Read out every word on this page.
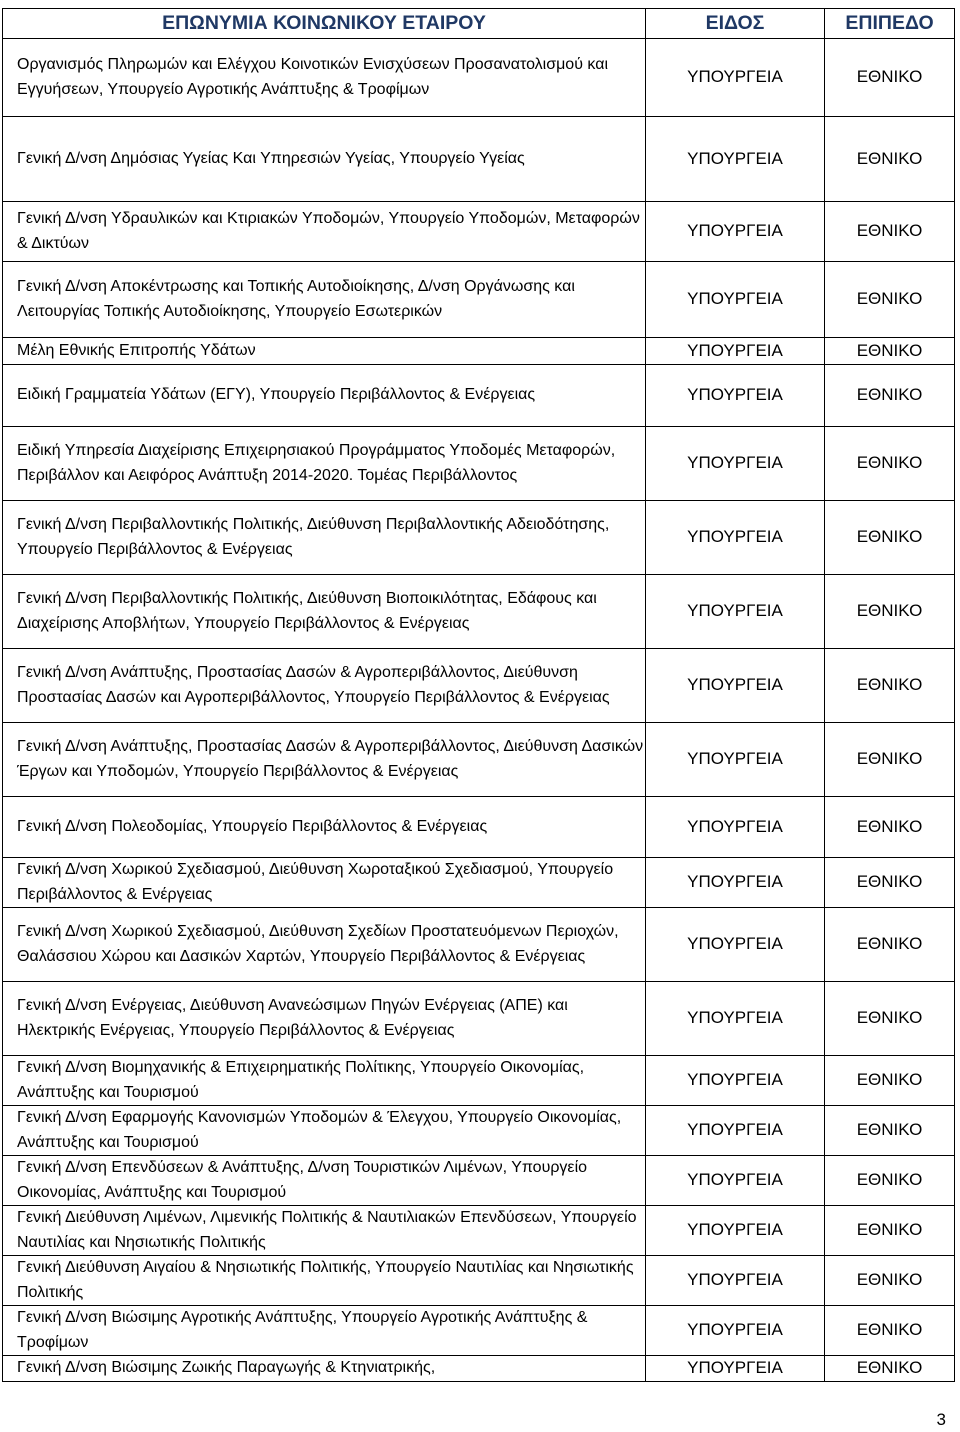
ΕΠΩΝΥΜΙΑ ΚΟΙΝΩΝΙΚΟΥ ΕΤΑΙΡΟΥ	ΕΙΔΟΣ	ΕΠΙΠΕΔΟ
Οργανισμός Πληρωμών και Ελέγχου Κοινοτικών Ενισχύσεων Προσανατολισμού και Εγγυήσεων, Υπουργείο Αγροτικής Ανάπτυξης & Τροφίμων	ΥΠΟΥΡΓΕΙΑ	ΕΘΝΙΚΟ
Γενική Δ/νση Δημόσιας Υγείας Και Υπηρεσιών Υγείας, Υπουργείο Υγείας	ΥΠΟΥΡΓΕΙΑ	ΕΘΝΙΚΟ
Γενική Δ/νση Υδραυλικών και Κτιριακών Υποδομών, Υπουργείο Υποδομών, Μεταφορών & Δικτύων	ΥΠΟΥΡΓΕΙΑ	ΕΘΝΙΚΟ
Γενική Δ/νση Αποκέντρωσης και Τοπικής Αυτοδιοίκησης, Δ/νση Οργάνωσης και Λειτουργίας Τοπικής Αυτοδιοίκησης, Υπουργείο Εσωτερικών	ΥΠΟΥΡΓΕΙΑ	ΕΘΝΙΚΟ
Μέλη Εθνικής Επιτροπής Υδάτων	ΥΠΟΥΡΓΕΙΑ	ΕΘΝΙΚΟ
Ειδική Γραμματεία Υδάτων (ΕΓΥ), Υπουργείο Περιβάλλοντος & Ενέργειας	ΥΠΟΥΡΓΕΙΑ	ΕΘΝΙΚΟ
Ειδική Υπηρεσία Διαχείρισης Επιχειρησιακού Προγράμματος Υποδομές Μεταφορών, Περιβάλλον και Αειφόρος Ανάπτυξη 2014-2020. Τομέας Περιβάλλοντος	ΥΠΟΥΡΓΕΙΑ	ΕΘΝΙΚΟ
Γενική Δ/νση Περιβαλλοντικής Πολιτικής, Διεύθυνση Περιβαλλοντικής Αδειοδότησης, Υπουργείο Περιβάλλοντος & Ενέργειας	ΥΠΟΥΡΓΕΙΑ	ΕΘΝΙΚΟ
Γενική Δ/νση Περιβαλλοντικής Πολιτικής, Διεύθυνση Βιοποικιλότητας, Εδάφους και Διαχείρισης Αποβλήτων, Υπουργείο Περιβάλλοντος & Ενέργειας	ΥΠΟΥΡΓΕΙΑ	ΕΘΝΙΚΟ
Γενική Δ/νση Ανάπτυξης, Προστασίας Δασών & Αγροπεριβάλλοντος, Διεύθυνση Προστασίας Δασών και Αγροπεριβάλλοντος, Υπουργείο Περιβάλλοντος & Ενέργειας	ΥΠΟΥΡΓΕΙΑ	ΕΘΝΙΚΟ
Γενική Δ/νση Ανάπτυξης, Προστασίας Δασών & Αγροπεριβάλλοντος, Διεύθυνση Δασικών Έργων και Υποδομών, Υπουργείο Περιβάλλοντος & Ενέργειας	ΥΠΟΥΡΓΕΙΑ	ΕΘΝΙΚΟ
Γενική Δ/νση Πολεοδομίας, Υπουργείο Περιβάλλοντος & Ενέργειας	ΥΠΟΥΡΓΕΙΑ	ΕΘΝΙΚΟ
Γενική Δ/νση Χωρικού Σχεδιασμού, Διεύθυνση Χωροταξικού Σχεδιασμού, Υπουργείο Περιβάλλοντος & Ενέργειας	ΥΠΟΥΡΓΕΙΑ	ΕΘΝΙΚΟ
Γενική Δ/νση Χωρικού Σχεδιασμού, Διεύθυνση Σχεδίων Προστατευόμενων Περιοχών, Θαλάσσιου Χώρου και Δασικών Χαρτών, Υπουργείο Περιβάλλοντος & Ενέργειας	ΥΠΟΥΡΓΕΙΑ	ΕΘΝΙΚΟ
Γενική Δ/νση Ενέργειας, Διεύθυνση Ανανεώσιμων Πηγών Ενέργειας (ΑΠΕ) και Ηλεκτρικής Ενέργειας, Υπουργείο Περιβάλλοντος & Ενέργειας	ΥΠΟΥΡΓΕΙΑ	ΕΘΝΙΚΟ
Γενική Δ/νση Βιομηχανικής & Επιχειρηματικής Πολίτικης, Υπουργείο Οικονομίας, Ανάπτυξης και Τουρισμού	ΥΠΟΥΡΓΕΙΑ	ΕΘΝΙΚΟ
Γενική Δ/νση Εφαρμογής Κανονισμών Υποδομών & Έλεγχου, Υπουργείο Οικονομίας, Ανάπτυξης και Τουρισμού	ΥΠΟΥΡΓΕΙΑ	ΕΘΝΙΚΟ
Γενική Δ/νση Επενδύσεων & Ανάπτυξης, Δ/νση Τουριστικών Λιμένων, Υπουργείο Οικονομίας, Ανάπτυξης και Τουρισμού	ΥΠΟΥΡΓΕΙΑ	ΕΘΝΙΚΟ
Γενική Διεύθυνση Λιμένων, Λιμενικής Πολιτικής & Ναυτιλιακών Επενδύσεων, Υπουργείο Ναυτιλίας και Νησιωτικής Πολιτικής	ΥΠΟΥΡΓΕΙΑ	ΕΘΝΙΚΟ
Γενική Διεύθυνση Αιγαίου & Νησιωτικής Πολιτικής, Υπουργείο Ναυτιλίας και Νησιωτικής Πολιτικής	ΥΠΟΥΡΓΕΙΑ	ΕΘΝΙΚΟ
Γενική Δ/νση Βιώσιμης Αγροτικής Ανάπτυξης, Υπουργείο Αγροτικής Ανάπτυξης & Τροφίμων	ΥΠΟΥΡΓΕΙΑ	ΕΘΝΙΚΟ
Γενική Δ/νση Βιώσιμης Ζωικής Παραγωγής & Κτηνιατρικής,	ΥΠΟΥΡΓΕΙΑ	ΕΘΝΙΚΟ
3
